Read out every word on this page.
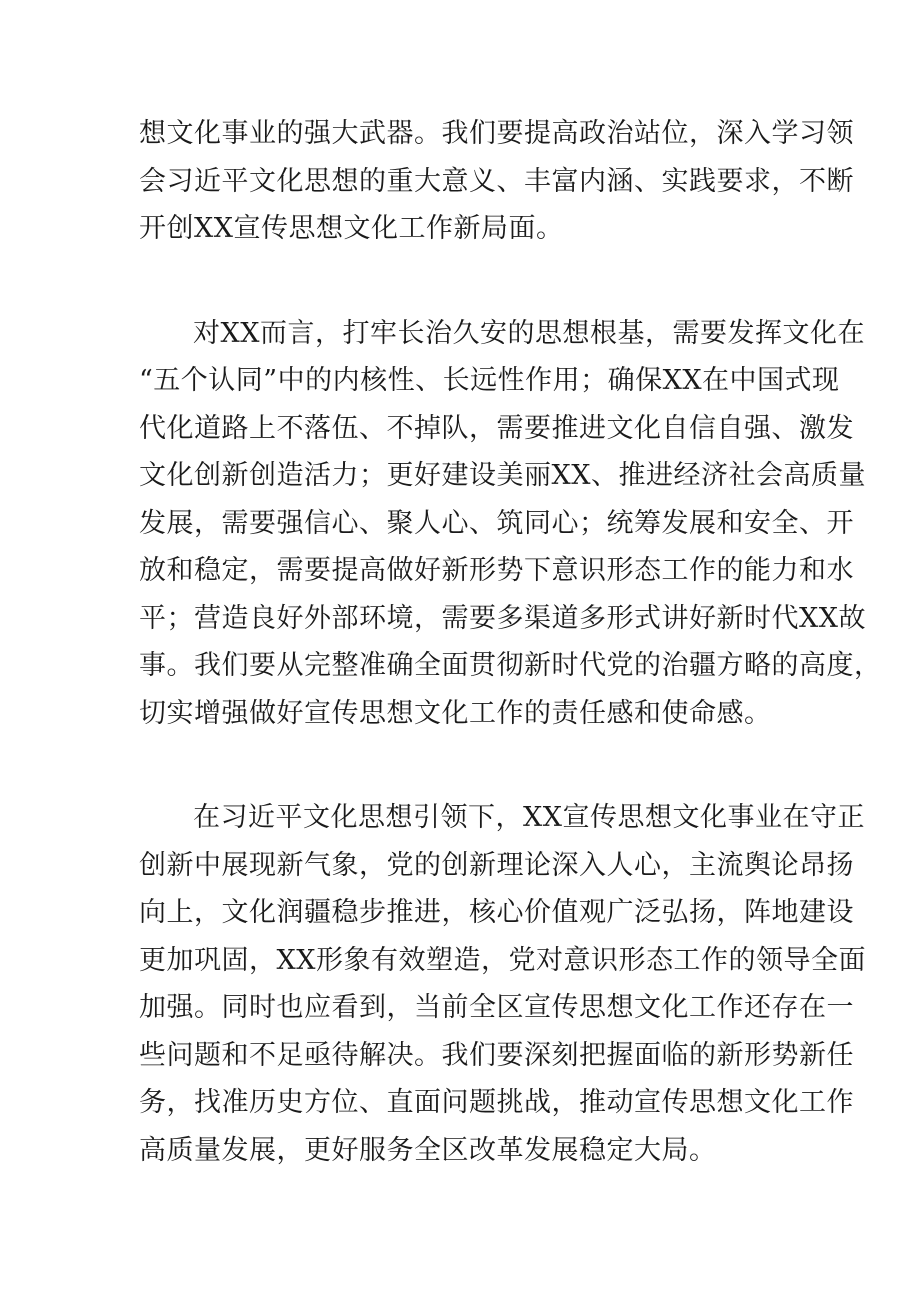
想文化事业的强大武器。我们要提高政治站位，深入学习领
会习近平文化思想的重大意义、丰富内涵、实践要求，不断
开创XX宣传思想文化工作新局面。
对XX而言，打牢长治久安的思想根基，需要发挥文化在
“五个认同”中的内核性、长远性作用；确保XX在中国式现
代化道路上不落伍、不掉队，需要推进文化自信自强、激发
文化创新创造活力；更好建设美丽XX、推进经济社会高质量
发展，需要强信心、聚人心、筑同心；统筹发展和安全、开
放和稳定，需要提高做好新形势下意识形态工作的能力和水
平；营造良好外部环境，需要多渠道多形式讲好新时代XX故
事。我们要从完整准确全面贯彻新时代党的治疆方略的高度，
切实增强做好宣传思想文化工作的责任感和使命感。
在习近平文化思想引领下，XX宣传思想文化事业在守正
创新中展现新气象，党的创新理论深入人心，主流舆论昂扬
向上，文化润疆稳步推进，核心价值观广泛弘扬，阵地建设
更加巩固，XX形象有效塑造，党对意识形态工作的领导全面
加强。同时也应看到，当前全区宣传思想文化工作还存在一
些问题和不足亟待解决。我们要深刻把握面临的新形势新任
务，找准历史方位、直面问题挑战，推动宣传思想文化工作
高质量发展，更好服务全区改革发展稳定大局。
